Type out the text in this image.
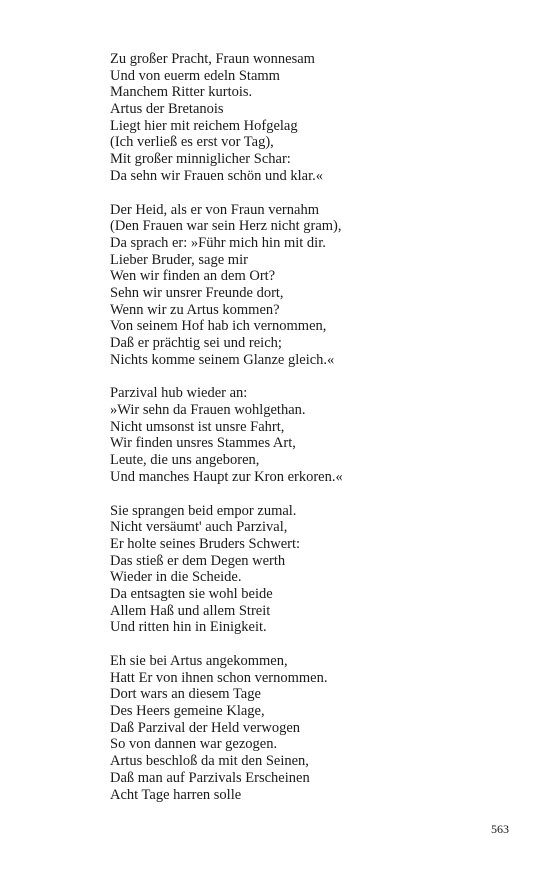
Zu großer Pracht, Fraun wonnesam
Und von euerm edeln Stamm
Manchem Ritter kurtois.
Artus der Bretanois
Liegt hier mit reichem Hofgelag
(Ich verließ es erst vor Tag),
Mit großer minniglicher Schar:
Da sehn wir Frauen schön und klar.«
Der Heid, als er von Fraun vernahm
(Den Frauen war sein Herz nicht gram),
Da sprach er: »Führ mich hin mit dir.
Lieber Bruder, sage mir
Wen wir finden an dem Ort?
Sehn wir unsrer Freunde dort,
Wenn wir zu Artus kommen?
Von seinem Hof hab ich vernommen,
Daß er prächtig sei und reich;
Nichts komme seinem Glanze gleich.«
Parzival hub wieder an:
»Wir sehn da Frauen wohlgethan.
Nicht umsonst ist unsre Fahrt,
Wir finden unsres Stammes Art,
Leute, die uns angeboren,
Und manches Haupt zur Kron erkoren.«
Sie sprangen beid empor zumal.
Nicht versäumt' auch Parzival,
Er holte seines Bruders Schwert:
Das stieß er dem Degen werth
Wieder in die Scheide.
Da entsagten sie wohl beide
Allem Haß und allem Streit
Und ritten hin in Einigkeit.
Eh sie bei Artus angekommen,
Hatt Er von ihnen schon vernommen.
Dort wars an diesem Tage
Des Heers gemeine Klage,
Daß Parzival der Held verwogen
So von dannen war gezogen.
Artus beschloß da mit den Seinen,
Daß man auf Parzivals Erscheinen
Acht Tage harren solle
563
